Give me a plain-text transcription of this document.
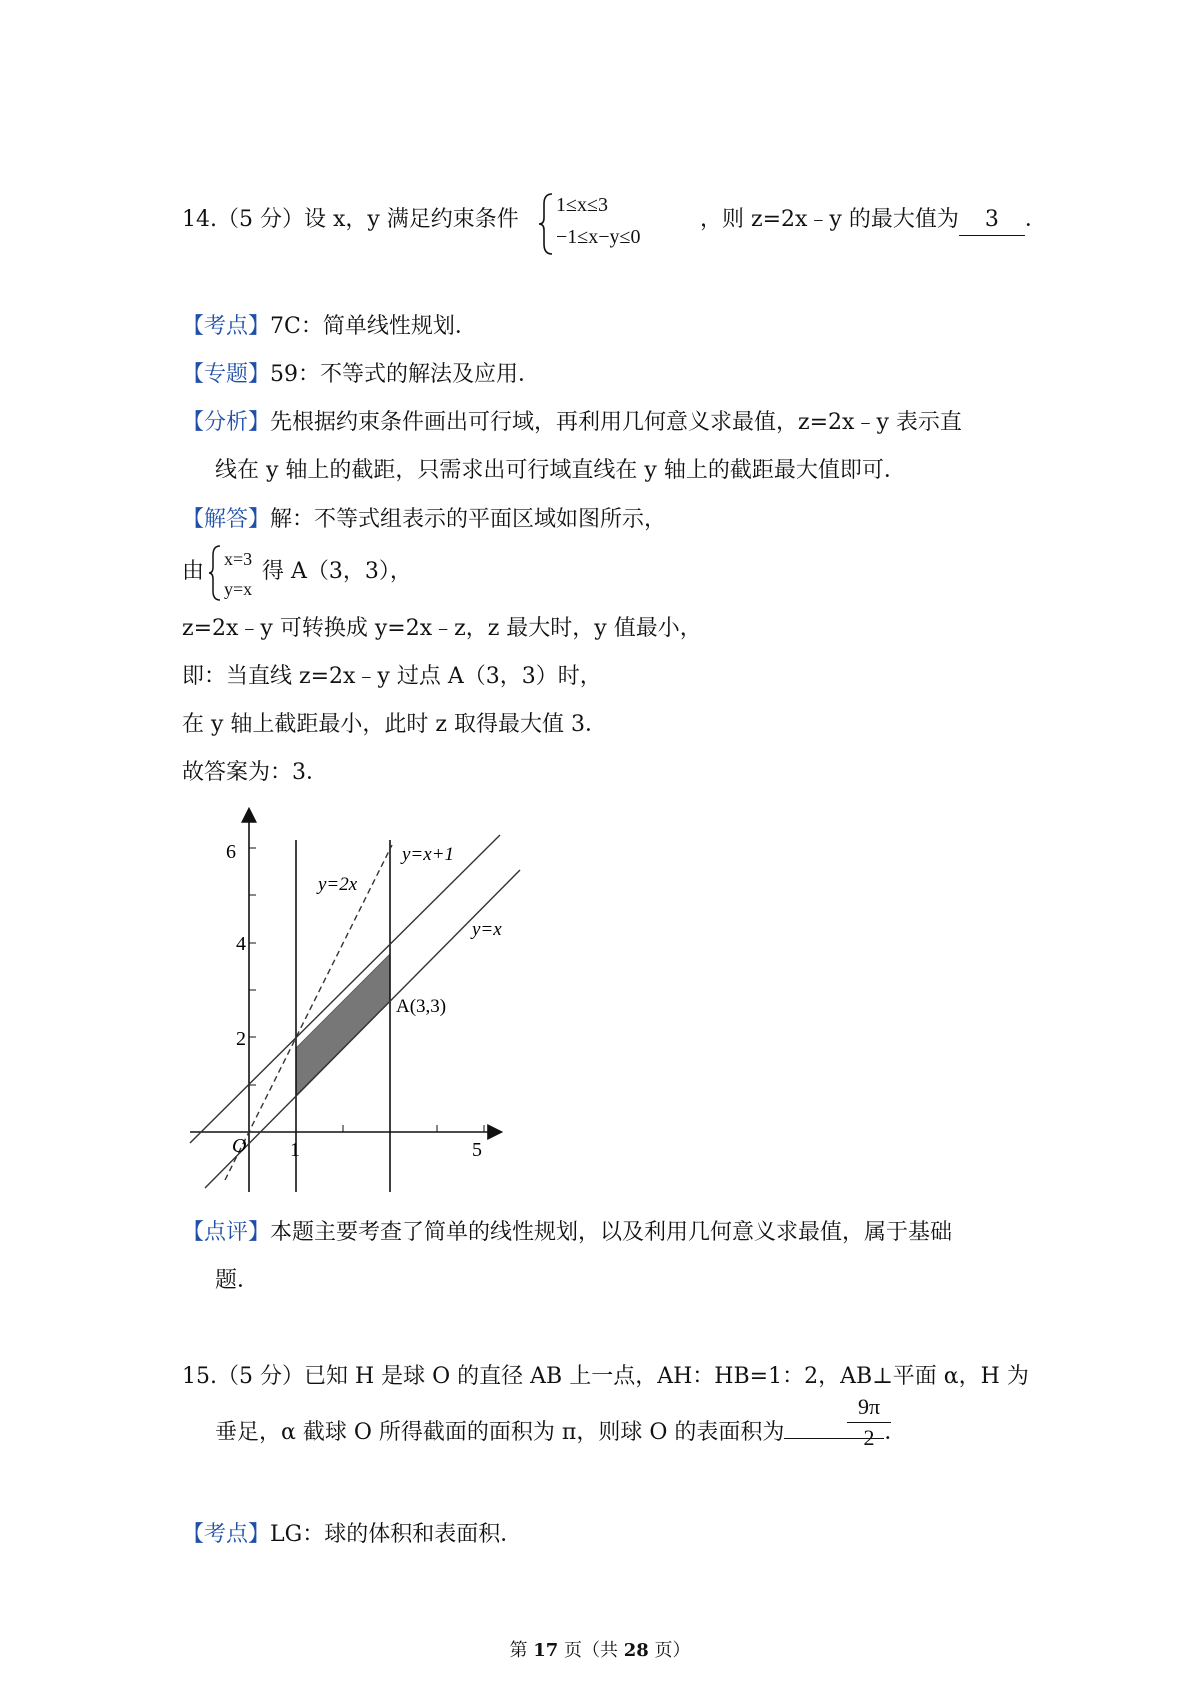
14.（5 分）设 x，y 满足约束条件
1≤x≤3
−1≤x−y≤0
，则 z=2x﹣y 的最大值为 3 ．
【考点】7C：简单线性规划．
【专题】59：不等式的解法及应用．
【分析】先根据约束条件画出可行域，再利用几何意义求最值，z=2x﹣y 表示直
线在 y 轴上的截距，只需求出可行域直线在 y 轴上的截距最大值即可．
【解答】解：不等式组表示的平面区域如图所示，
由 x=3
y=x
得 A（3，3），
z=2x﹣y 可转换成 y=2x﹣z，z 最大时，y 值最小，
即：当直线 z=2x﹣y 过点 A（3，3）时，
在 y 轴上截距最小，此时 z 取得最大值 3．
故答案为：3．
6
4
2
1	5
O
y=2x
y=x+1
y=x
A(3,3)
【点评】本题主要考查了简单的线性规划，以及利用几何意义求最值，属于基础
题．
15.（5 分）已知 H 是球 O 的直径 AB 上一点，AH：HB=1：2，AB⊥平面 α，H 为
垂足，α 截球 O 所得截面的面积为 π，则球 O 的表面积为	．
9π
2
【考点】LG：球的体积和表面积．
第 17 页（共 28 页）
